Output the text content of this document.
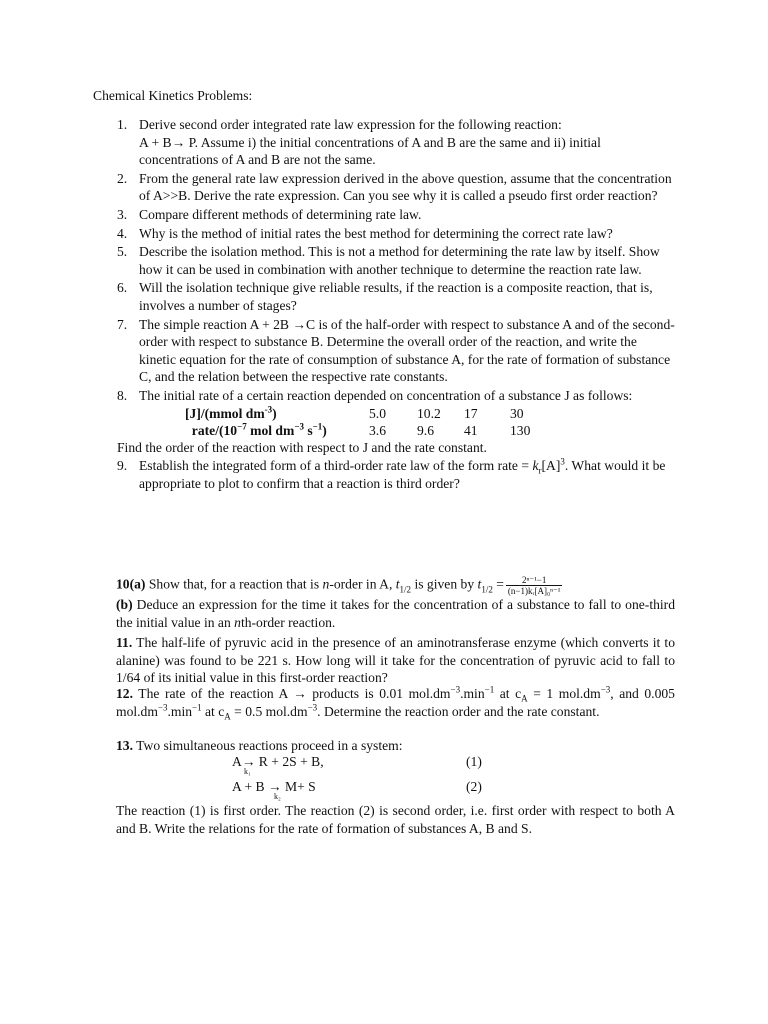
Chemical Kinetics Problems:
1. Derive second order integrated rate law expression for the following reaction:
A + B→ P. Assume i) the initial concentrations of A and B are the same and ii) initial concentrations of A and B are not the same.
2. From the general rate law expression derived in the above question, assume that the concentration of A>>B. Derive the rate expression. Can you see why it is called a pseudo first order reaction?
3. Compare different methods of determining rate law.
4. Why is the method of initial rates the best method for determining the correct rate law?
5. Describe the isolation method. This is not a method for determining the rate law by itself. Show how it can be used in combination with another technique to determine the reaction rate law.
6. Will the isolation technique give reliable results, if the reaction is a composite reaction, that is, involves a number of stages?
7. The simple reaction A + 2B →C is of the half-order with respect to substance A and of the second-order with respect to substance B. Determine the overall order of the reaction, and write the kinetic equation for the rate of consumption of substance A, for the rate of formation of substance C, and the relation between the respective rate constants.
8. The initial rate of a certain reaction depended on concentration of a substance J as follows:
[J]/(mmol $dm^{-3}$)	5.0	10.2	17	30
rate/($10^{-7}$ mol $dm^{-3}$ $s^{-1}$)	3.6	9.6	41	130
Find the order of the reaction with respect to J and the rate constant.
9. Establish the integrated form of a third-order rate law of the form rate = $k_r[A]^3$. What would it be appropriate to plot to confirm that a reaction is third order?
10(a) Show that, for a reaction that is n-order in A, $t_{1/2}$ is given by $t_{1/2} = \frac{\text{2ⁿ⁻¹−1}}{\text{(n−1)kᵣ[A]₀ⁿ⁻¹}}$

(b) Deduce an expression for the time it takes for the concentration of a substance to fall to one-third the initial value in an nth-order reaction.
11. The half-life of pyruvic acid in the presence of an aminotransferase enzyme (which converts it to alanine) was found to be 221 s. How long will it take for the concentration of pyruvic acid to fall to 1/64 of its initial value in this first-order reaction?
12. The rate of the reaction A → products is 0.01 $mol.dm^{-3}.\min^{-1}$ at $c_A = 1$ $mol.dm^{-3}$, and 0.005 $mol.dm^{-3}.\min^{-1}$ at $c_A = 0.5$ $mol.dm^{-3}$. Determine the reaction order and the rate constant.
13. Two simultaneous reactions proceed in a system:
A→ R + 2S + B,
k₁
(1)
A + B → M+ S
k₂
(2)
The reaction (1) is first order. The reaction (2) is second order, i.e. first order with respect to both A and B. Write the relations for the rate of formation of substances A, B and S.
